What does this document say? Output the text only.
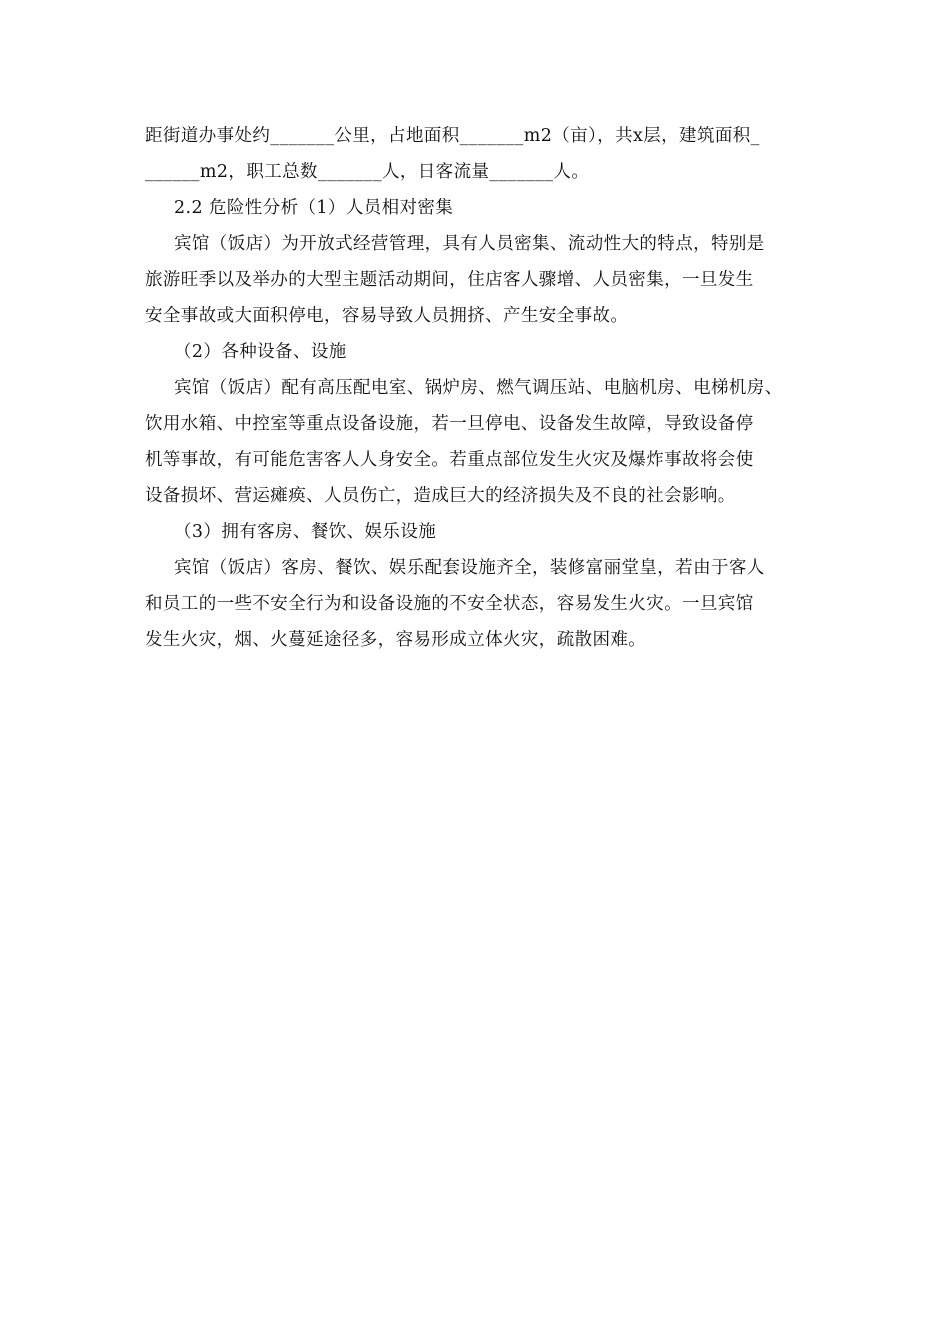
距街道办事处约_______公里，占地面积_______m2（亩），共x层，建筑面积_
______m2，职工总数_______人，日客流量_______人。
2.2 危险性分析（1）人员相对密集
宾馆（饭店）为开放式经营管理，具有人员密集、流动性大的特点，特别是
旅游旺季以及举办的大型主题活动期间，住店客人骤增、人员密集，一旦发生
安全事故或大面积停电，容易导致人员拥挤、产生安全事故。
（2）各种设备、设施
宾馆（饭店）配有高压配电室、锅炉房、燃气调压站、电脑机房、电梯机房、
饮用水箱、中控室等重点设备设施，若一旦停电、设备发生故障，导致设备停
机等事故，有可能危害客人人身安全。若重点部位发生火灾及爆炸事故将会使
设备损坏、营运瘫痪、人员伤亡，造成巨大的经济损失及不良的社会影响。
（3）拥有客房、餐饮、娱乐设施
宾馆（饭店）客房、餐饮、娱乐配套设施齐全，装修富丽堂皇，若由于客人
和员工的一些不安全行为和设备设施的不安全状态，容易发生火灾。一旦宾馆
发生火灾，烟、火蔓延途径多，容易形成立体火灾，疏散困难。
